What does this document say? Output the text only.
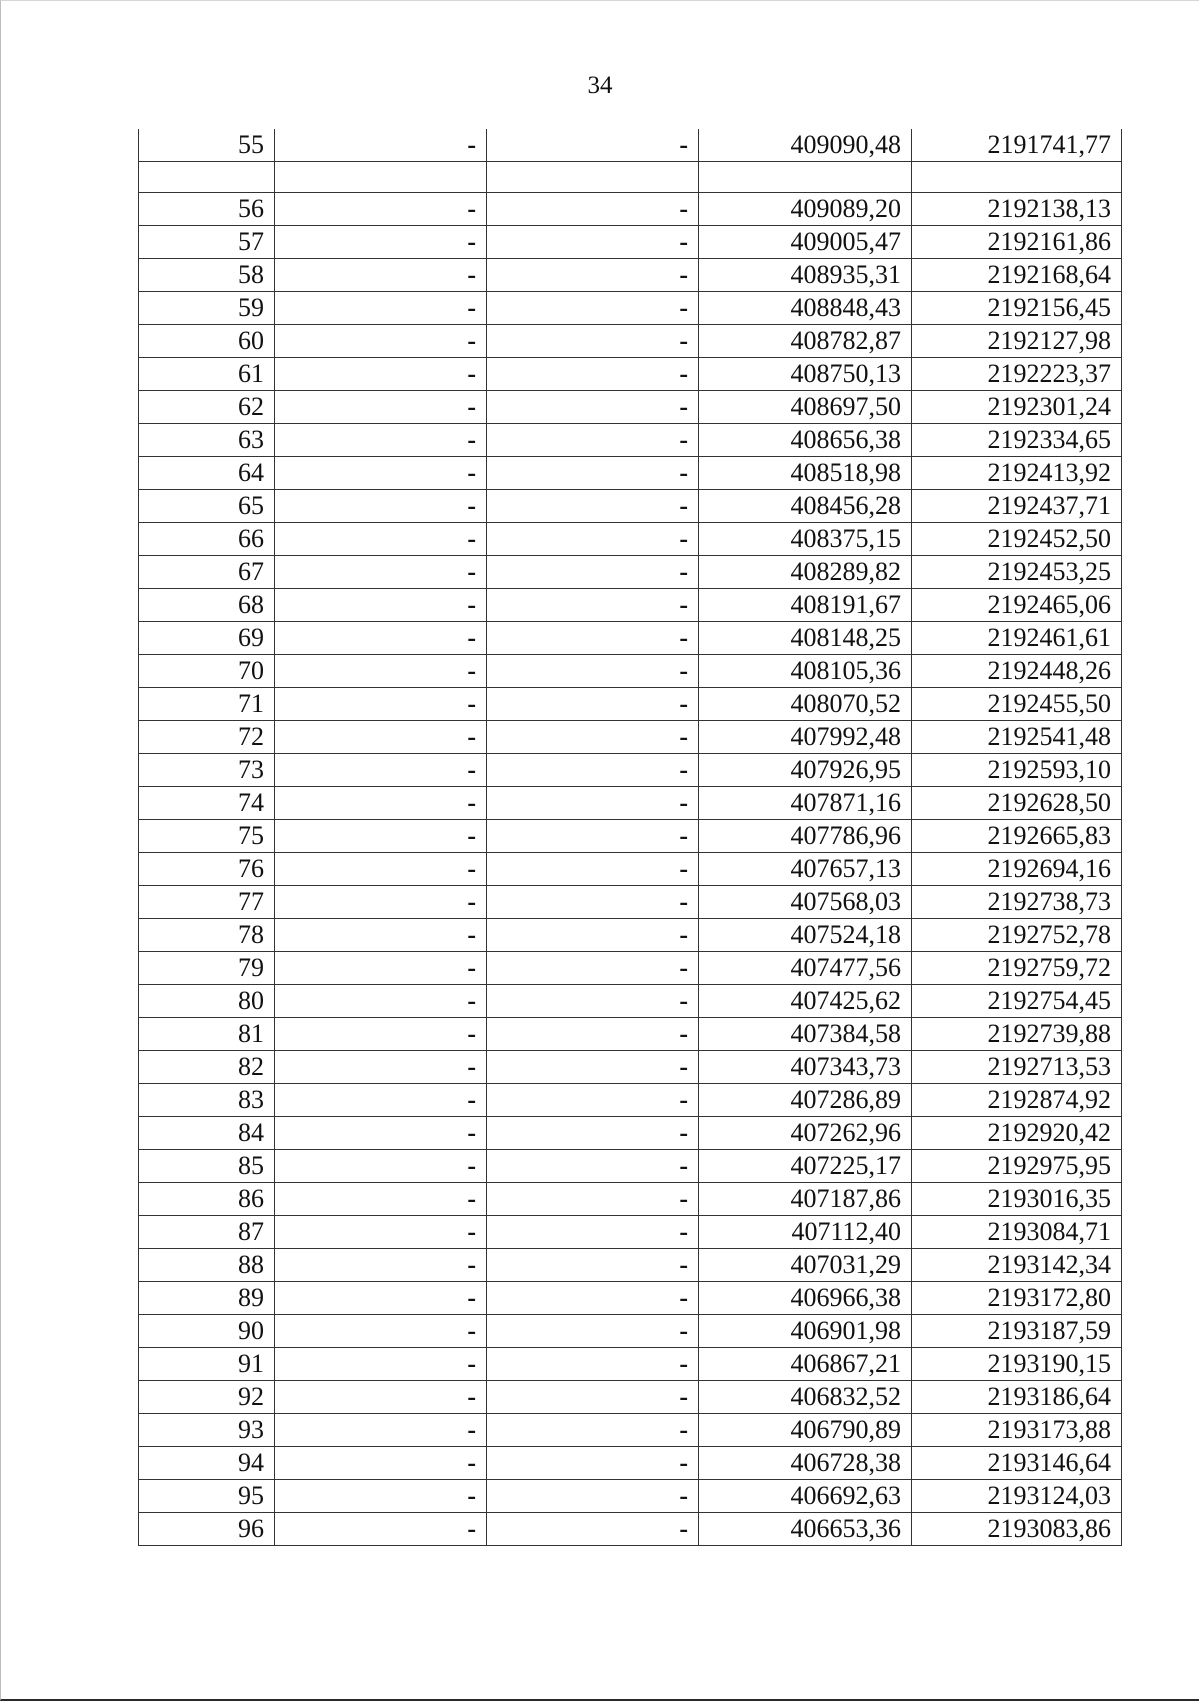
34
55	-	-	409090,48	2191741,77

56	-	-	409089,20	2192138,13
57	-	-	409005,47	2192161,86
58	-	-	408935,31	2192168,64
59	-	-	408848,43	2192156,45
60	-	-	408782,87	2192127,98
61	-	-	408750,13	2192223,37
62	-	-	408697,50	2192301,24
63	-	-	408656,38	2192334,65
64	-	-	408518,98	2192413,92
65	-	-	408456,28	2192437,71
66	-	-	408375,15	2192452,50
67	-	-	408289,82	2192453,25
68	-	-	408191,67	2192465,06
69	-	-	408148,25	2192461,61
70	-	-	408105,36	2192448,26
71	-	-	408070,52	2192455,50
72	-	-	407992,48	2192541,48
73	-	-	407926,95	2192593,10
74	-	-	407871,16	2192628,50
75	-	-	407786,96	2192665,83
76	-	-	407657,13	2192694,16
77	-	-	407568,03	2192738,73
78	-	-	407524,18	2192752,78
79	-	-	407477,56	2192759,72
80	-	-	407425,62	2192754,45
81	-	-	407384,58	2192739,88
82	-	-	407343,73	2192713,53
83	-	-	407286,89	2192874,92
84	-	-	407262,96	2192920,42
85	-	-	407225,17	2192975,95
86	-	-	407187,86	2193016,35
87	-	-	407112,40	2193084,71
88	-	-	407031,29	2193142,34
89	-	-	406966,38	2193172,80
90	-	-	406901,98	2193187,59
91	-	-	406867,21	2193190,15
92	-	-	406832,52	2193186,64
93	-	-	406790,89	2193173,88
94	-	-	406728,38	2193146,64
95	-	-	406692,63	2193124,03
96	-	-	406653,36	2193083,86
